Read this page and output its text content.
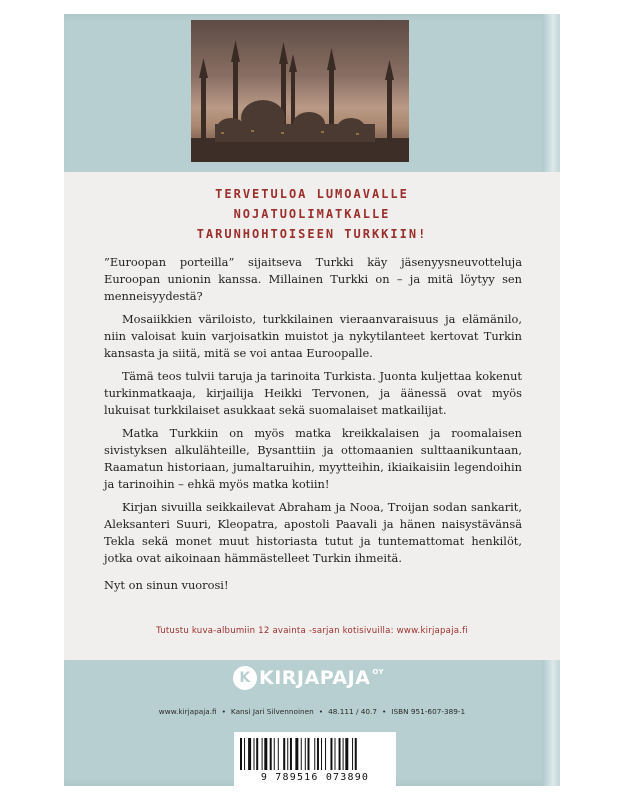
TERVETULOA LUMOAVALLE
NOJATUOLIMATKALLE
TARUNHOHTOISEEN TURKKIIN!

”Euroopan porteilla” sijaitseva Turkki käy jäsenyysneuvotteluja Euroopan unionin kanssa. Millainen Turkki on – ja mitä löytyy sen menneisyydestä?

Mosaiikkien väriloisto, turkkilainen vieraanvaraisuus ja elämänilo, niin valoisat kuin varjoisatkin muistot ja nykytilanteet kertovat Turkin kansasta ja siitä, mitä se voi antaa Euroopalle.

Tämä teos tulvii taruja ja tarinoita Turkista. Juonta kuljettaa kokenut turkinmatkaaja, kirjailija Heikki Tervonen, ja äänessä ovat myös lukuisat turkkilaiset asukkaat sekä suomalaiset matkailijat.

Matka Turkkiin on myös matka kreikkalaisen ja roomalaisen sivistyksen alkulähteille, Bysanttiin ja ottomaanien sulttaanikuntaan, Raamatun historiaan, jumaltaruihin, myytteihin, ikiaikaisiin legendoihin ja tarinoihin – ehkä myös matka kotiin!

Kirjan sivuilla seikkailevat Abraham ja Nooa, Troijan sodan sankarit, Aleksanteri Suuri, Kleopatra, apostoli Paavali ja hänen naisystävänsä Tekla sekä monet muut historiasta tutut ja tuntemattomat henkilöt, jotka ovat aikoinaan hämmästelleet Turkin ihmeitä.

Nyt on sinun vuorosi!

Tutustu kuva-albumiin 12 avainta -sarjan kotisivuilla: www.kirjapaja.fi
K KIRJAPAJA OY
www.kirjapaja.fi • Kansi Jari Silvennoinen • 48.111 / 40.7 • ISBN 951-607-389-1
9 789516 073890
